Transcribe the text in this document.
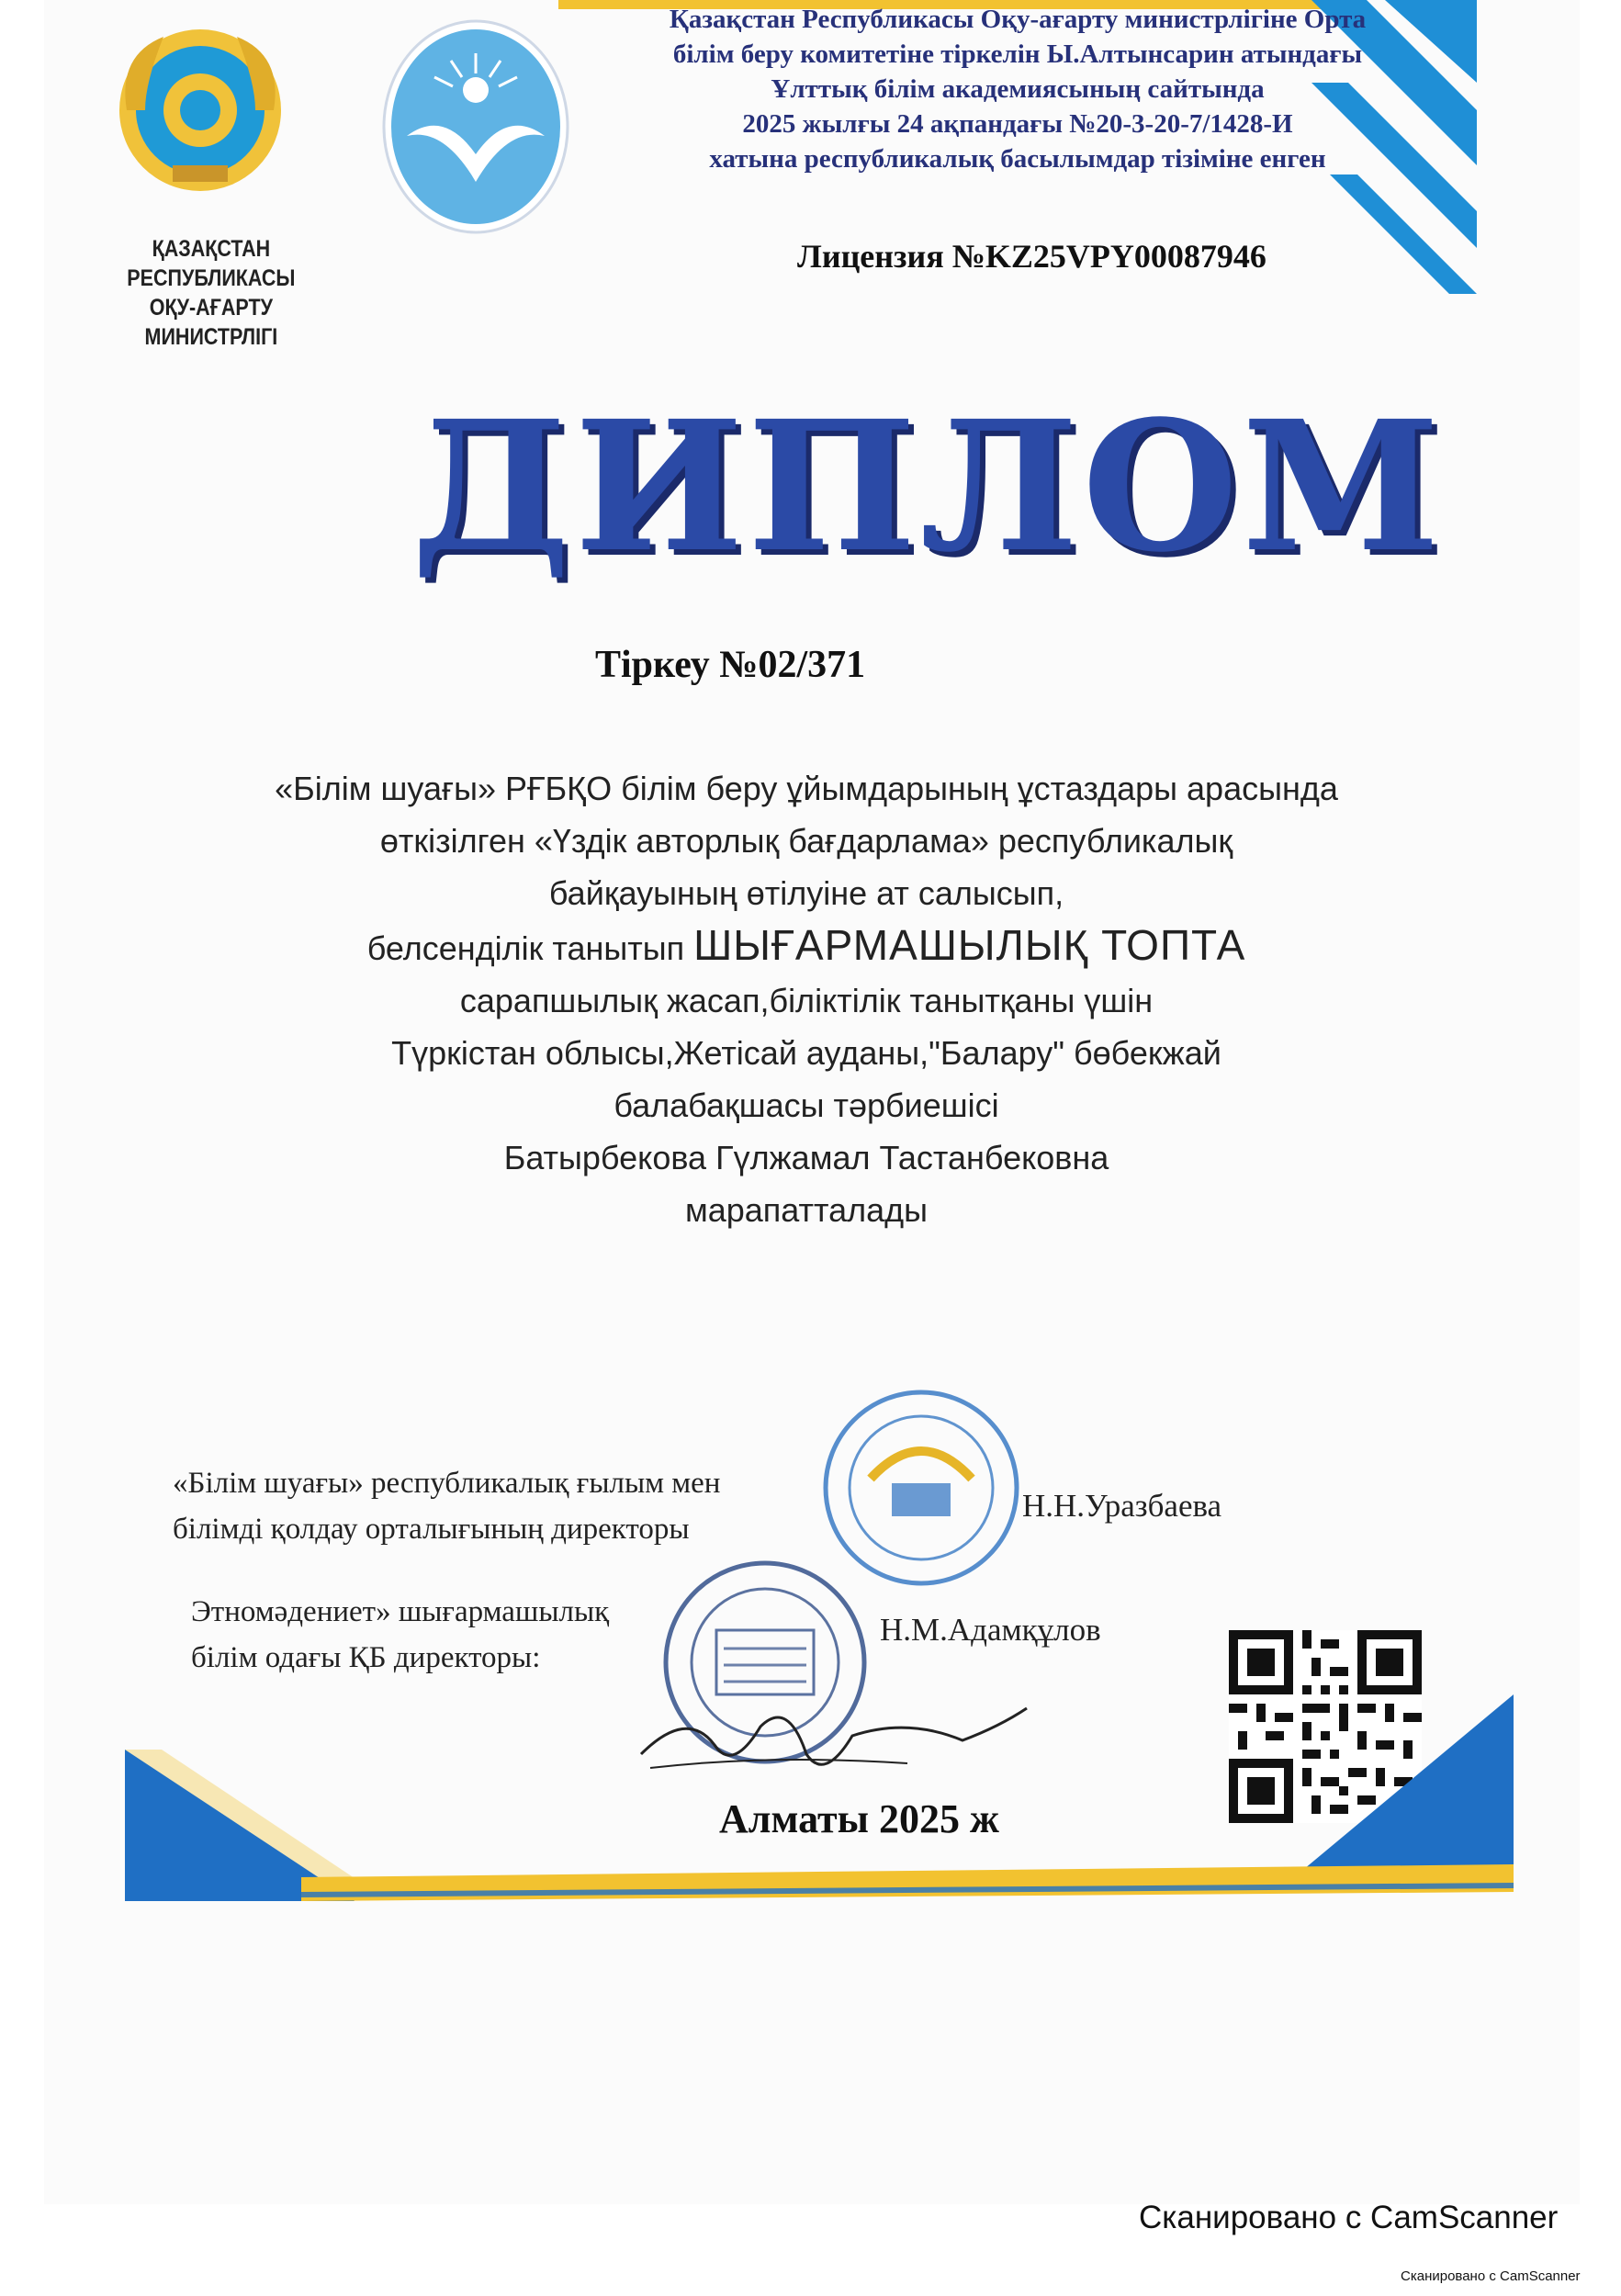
ҚАЗАҚСТАН РЕСПУБЛИКАСЫ
ОҚУ-АҒАРТУ МИНИСТРЛІГІ
Қазақстан Республикасы Оқу-ағарту министрлігіне Орта
білім беру комитетіне тіркелін Ы.Алтынсарин атындағы
Ұлттық білім академиясының сайтында
2025 жылғы 24 ақпандағы №20-3-20-7/1428-И
хатына республикалық басылымдар тізіміне енген
Лицензия №KZ25VPY00087946
ДИПЛОМ
Тіркеу №02/371
«Білім шуағы» РҒБҚО білім беру ұйымдарының ұстаздары арасында
өткізілген «Үздік авторлық бағдарлама» республикалық
байқауының өтілуіне ат салысып,
белсенділік танытып ШЫҒАРМАШЫЛЫҚ ТОПТА
сарапшылық жасап,біліктілік танытқаны үшін
Түркістан облысы,Жетісай ауданы,"Балару" бөбекжай
балабақшасы тәрбиешісі
Батырбекова Гүлжамал Тастанбековна
марапатталады
«Білім шуағы» республикалық ғылым мен
білімді қолдау орталығының директоры
Н.Н.Уразбаева
Этномәдениет» шығармашылық
білім одағы ҚБ директоры:
Н.М.Адамқұлов
Алматы 2025 ж
Сканировано с CamScanner
Сканировано с CamScanner
